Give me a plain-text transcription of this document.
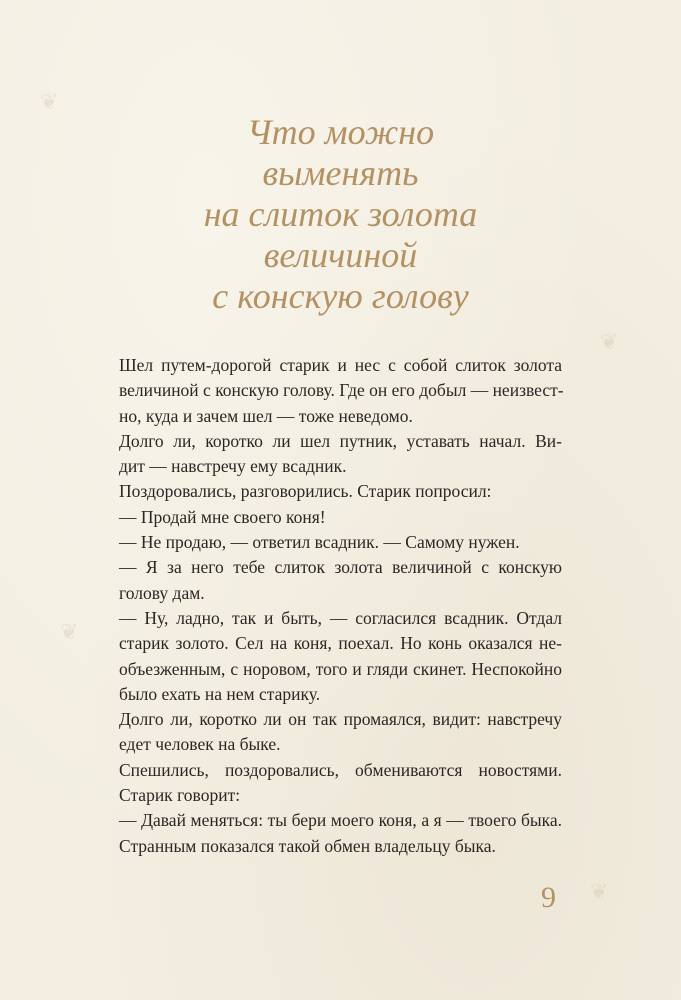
❦
❦
❦
❦
Что можно
выменять
на слиток золота
величиной
с конскую голову
Шел путем-дорогой старик и нес с собой слиток золота
величиной с конскую голову. Где он его добыл — неизвест-
но, куда и зачем шел — тоже неведомо.
Долго ли, коротко ли шел путник, уставать начал. Ви-
дит — навстречу ему всадник.
Поздоровались, разговорились. Старик попросил:
— Продай мне своего коня!
— Не продаю, — ответил всадник. — Самому нужен.
— Я за него тебе слиток золота величиной с конскую
голову дам.
— Ну, ладно, так и быть, — согласился всадник. Отдал
старик золото. Сел на коня, поехал. Но конь оказался не-
объезженным, с норовом, того и гляди скинет. Неспокойно
было ехать на нем старику.
Долго ли, коротко ли он так промаялся, видит: навстречу
едет человек на быке.
Спешились, поздоровались, обмениваются новостями.
Старик говорит:
— Давай меняться: ты бери моего коня, а я — твоего быка.
Странным показался такой обмен владельцу быка.
9
